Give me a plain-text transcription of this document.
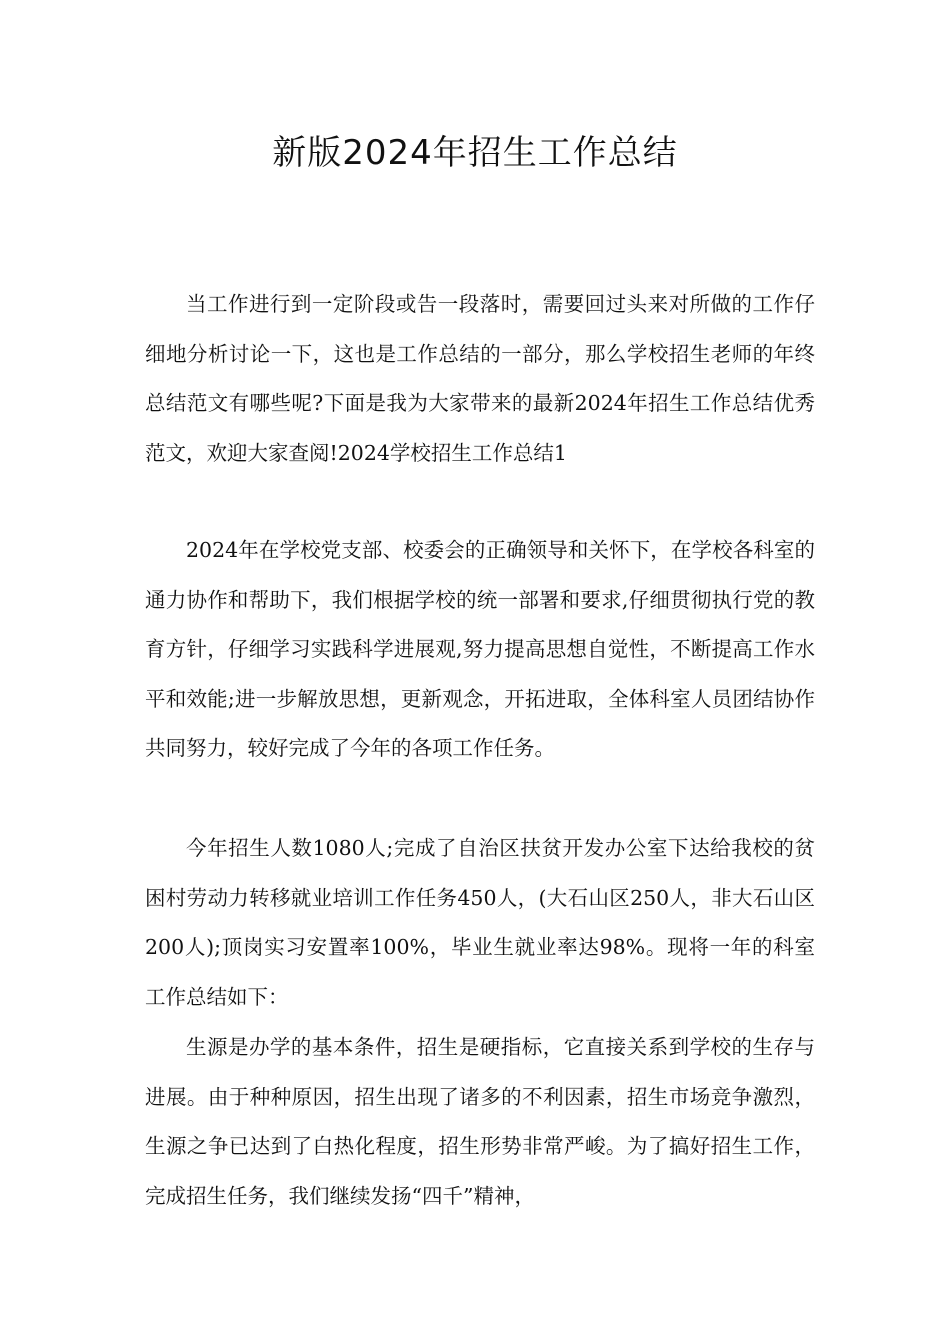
新版2024年招生工作总结

当工作进行到一定阶段或告一段落时，需要回过头来对所做的工作仔细地分析讨论一下，这也是工作总结的一部分，那么学校招生老师的年终总结范文有哪些呢?下面是我为大家带来的最新2024年招生工作总结优秀范文，欢迎大家查阅!2024学校招生工作总结1

2024年在学校党支部、校委会的正确领导和关怀下，在学校各科室的通力协作和帮助下，我们根据学校的统一部署和要求,仔细贯彻执行党的教育方针，仔细学习实践科学进展观,努力提高思想自觉性，不断提高工作水平和效能;进一步解放思想，更新观念，开拓进取，全体科室人员团结协作共同努力，较好完成了今年的各项工作任务。

今年招生人数1080人;完成了自治区扶贫开发办公室下达给我校的贫困村劳动力转移就业培训工作任务450人，(大石山区250人，非大石山区200人);顶岗实习安置率100%，毕业生就业率达98%。现将一年的科室工作总结如下：

生源是办学的基本条件，招生是硬指标，它直接关系到学校的生存与进展。由于种种原因，招生出现了诸多的不利因素，招生市场竞争激烈，生源之争已达到了白热化程度，招生形势非常严峻。为了搞好招生工作，完成招生任务，我们继续发扬“四千”精神，
